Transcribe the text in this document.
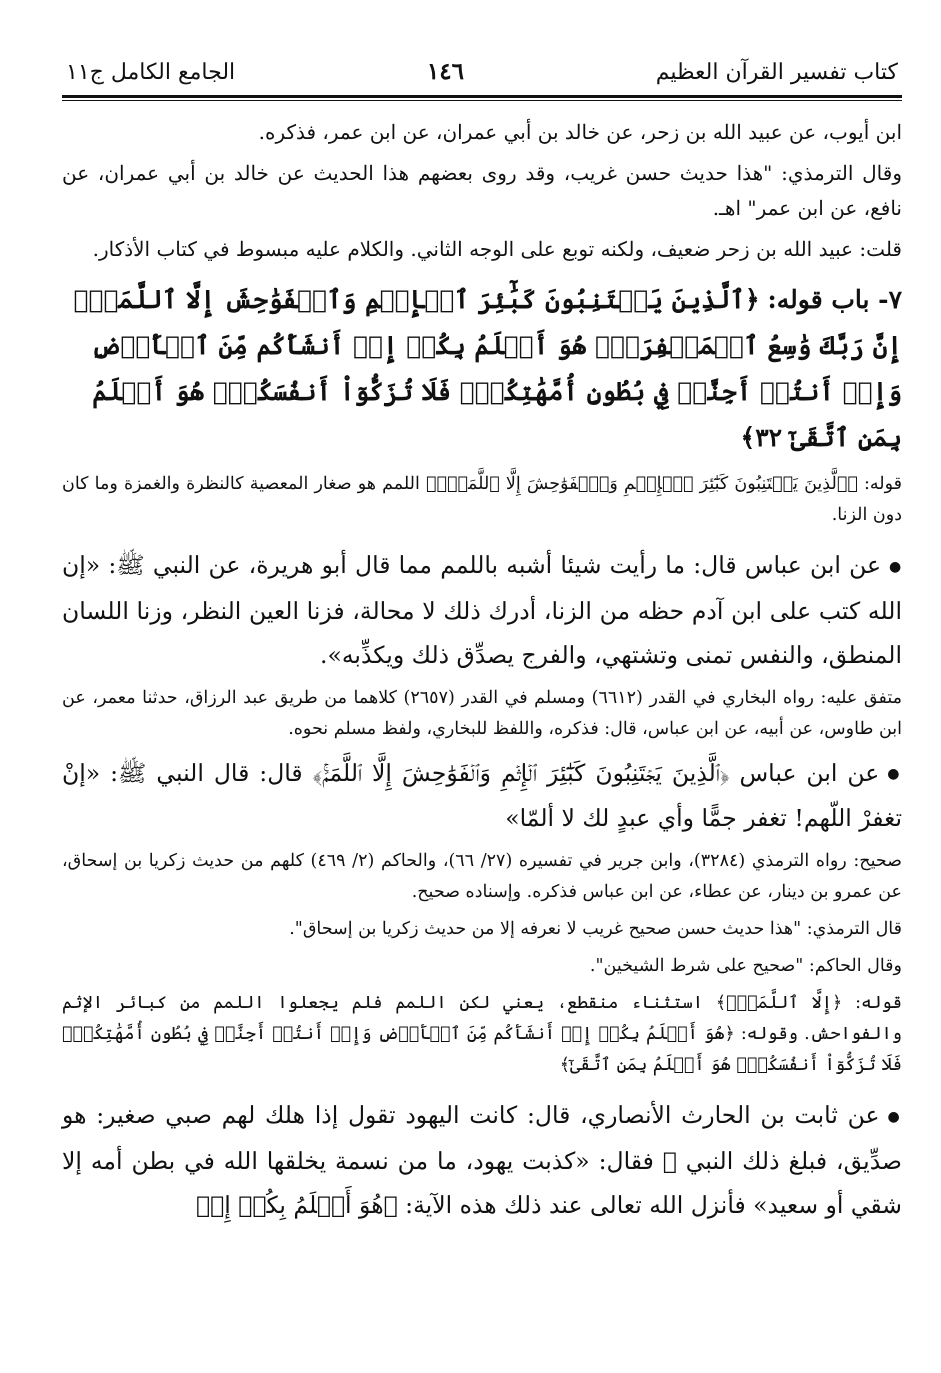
كتاب تفسير القرآن العظيم
١٤٦
الجامع الكامل ج١١

ابن أيوب، عن عبيد الله بن زحر، عن خالد بن أبي عمران، عن ابن عمر، فذكره.

وقال الترمذي: "هذا حديث حسن غريب، وقد روى بعضهم هذا الحديث عن خالد بن أبي عمران، عن نافع، عن ابن عمر" اهـ.

قلت: عبيد الله بن زحر ضعيف، ولكنه توبع على الوجه الثاني. والكلام عليه مبسوط في كتاب الأذكار.

٧- باب قوله: ﴿ٱلَّذِينَ يَجۡتَنِبُونَ كَبَٰٓئِرَ ٱلۡإِثۡمِ وَٱلۡفَوَٰحِشَ إِلَّا ٱللَّمَمَۚ إِنَّ رَبَّكَ وَٰسِعُ ٱلۡمَغۡفِرَةِۚ هُوَ أَعۡلَمُ بِكُمۡ إِذۡ أَنشَأَكُم مِّنَ ٱلۡأَرۡضِ وَإِذۡ أَنتُمۡ أَجِنَّةٞ فِي بُطُونِ أُمَّهَٰتِكُمۡۖ فَلَا تُزَكُّوٓاْ أَنفُسَكُمۡۖ هُوَ أَعۡلَمُ بِمَنِ ٱتَّقَىٰٓ ٣٢﴾

قوله: ﴿ٱلَّذِينَ يَجۡتَنِبُونَ كَبَٰٓئِرَ ٱلۡإِثۡمِ وَٱلۡفَوَٰحِشَ إِلَّا ٱللَّمَمَۚ﴾ اللمم هو صغار المعصية كالنظرة والغمزة وما كان دون الزنا.

● عن ابن عباس قال: ما رأيت شيئا أشبه باللمم مما قال أبو هريرة، عن النبي ﷺ: «إن الله كتب على ابن آدم حظه من الزنا، أدرك ذلك لا محالة، فزنا العين النظر، وزنا اللسان المنطق، والنفس تمنى وتشتهي، والفرج يصدِّق ذلك ويكذِّبه».

متفق عليه: رواه البخاري في القدر (٦٦١٢) ومسلم في القدر (٢٦٥٧) كلاهما من طريق عبد الرزاق، حدثنا معمر، عن ابن طاوس، عن أبيه، عن ابن عباس، قال: فذكره، واللفظ للبخاري، ولفظ مسلم نحوه.

● عن ابن عباس ﴿ٱلَّذِينَ يَجۡتَنِبُونَ كَبَٰٓئِرَ ٱلۡإِثۡمِ وَٱلۡفَوَٰحِشَ إِلَّا ٱللَّمَمَۚ﴾ قال: قال النبي ﷺ: «إنْ تغفرْ اللّهم! تغفر جمًّا وأي عبدٍ لك لا ألمّا»

صحيح: رواه الترمذي (٣٢٨٤)، وابن جرير في تفسيره (٢٧/ ٦٦)، والحاكم (٢/ ٤٦٩) كلهم من حديث زكريا بن إسحاق، عن عمرو بن دينار، عن عطاء، عن ابن عباس فذكره. وإسناده صحيح.

قال الترمذي: "هذا حديث حسن صحيح غريب لا نعرفه إلا من حديث زكريا بن إسحاق".

وقال الحاكم: "صحيح على شرط الشيخين".

قوله: ﴿إِلَّا ٱللَّمَمَۚ﴾ استثناء منقطع، يعني لكن اللمم فلم يجعلوا اللمم من كبائر الإثم والفواحش. وقوله: ﴿هُوَ أَعۡلَمُ بِكُمۡ إِذۡ أَنشَأَكُم مِّنَ ٱلۡأَرۡضِ وَإِذۡ أَنتُمۡ أَجِنَّةٞ فِي بُطُونِ أُمَّهَٰتِكُمۡۖ فَلَا تُزَكُّوٓاْ أَنفُسَكُمۡۖ هُوَ أَعۡلَمُ بِمَنِ ٱتَّقَىٰٓ﴾

● عن ثابت بن الحارث الأنصاري، قال: كانت اليهود تقول إذا هلك لهم صبي صغير: هو صدِّيق، فبلغ ذلك النبي ﷺ فقال: «كذبت يهود، ما من نسمة يخلقها الله في بطن أمه إلا شقي أو سعيد» فأنزل الله تعالى عند ذلك هذه الآية: ﴿هُوَ أَعۡلَمُ بِكُمۡ إِذۡ
